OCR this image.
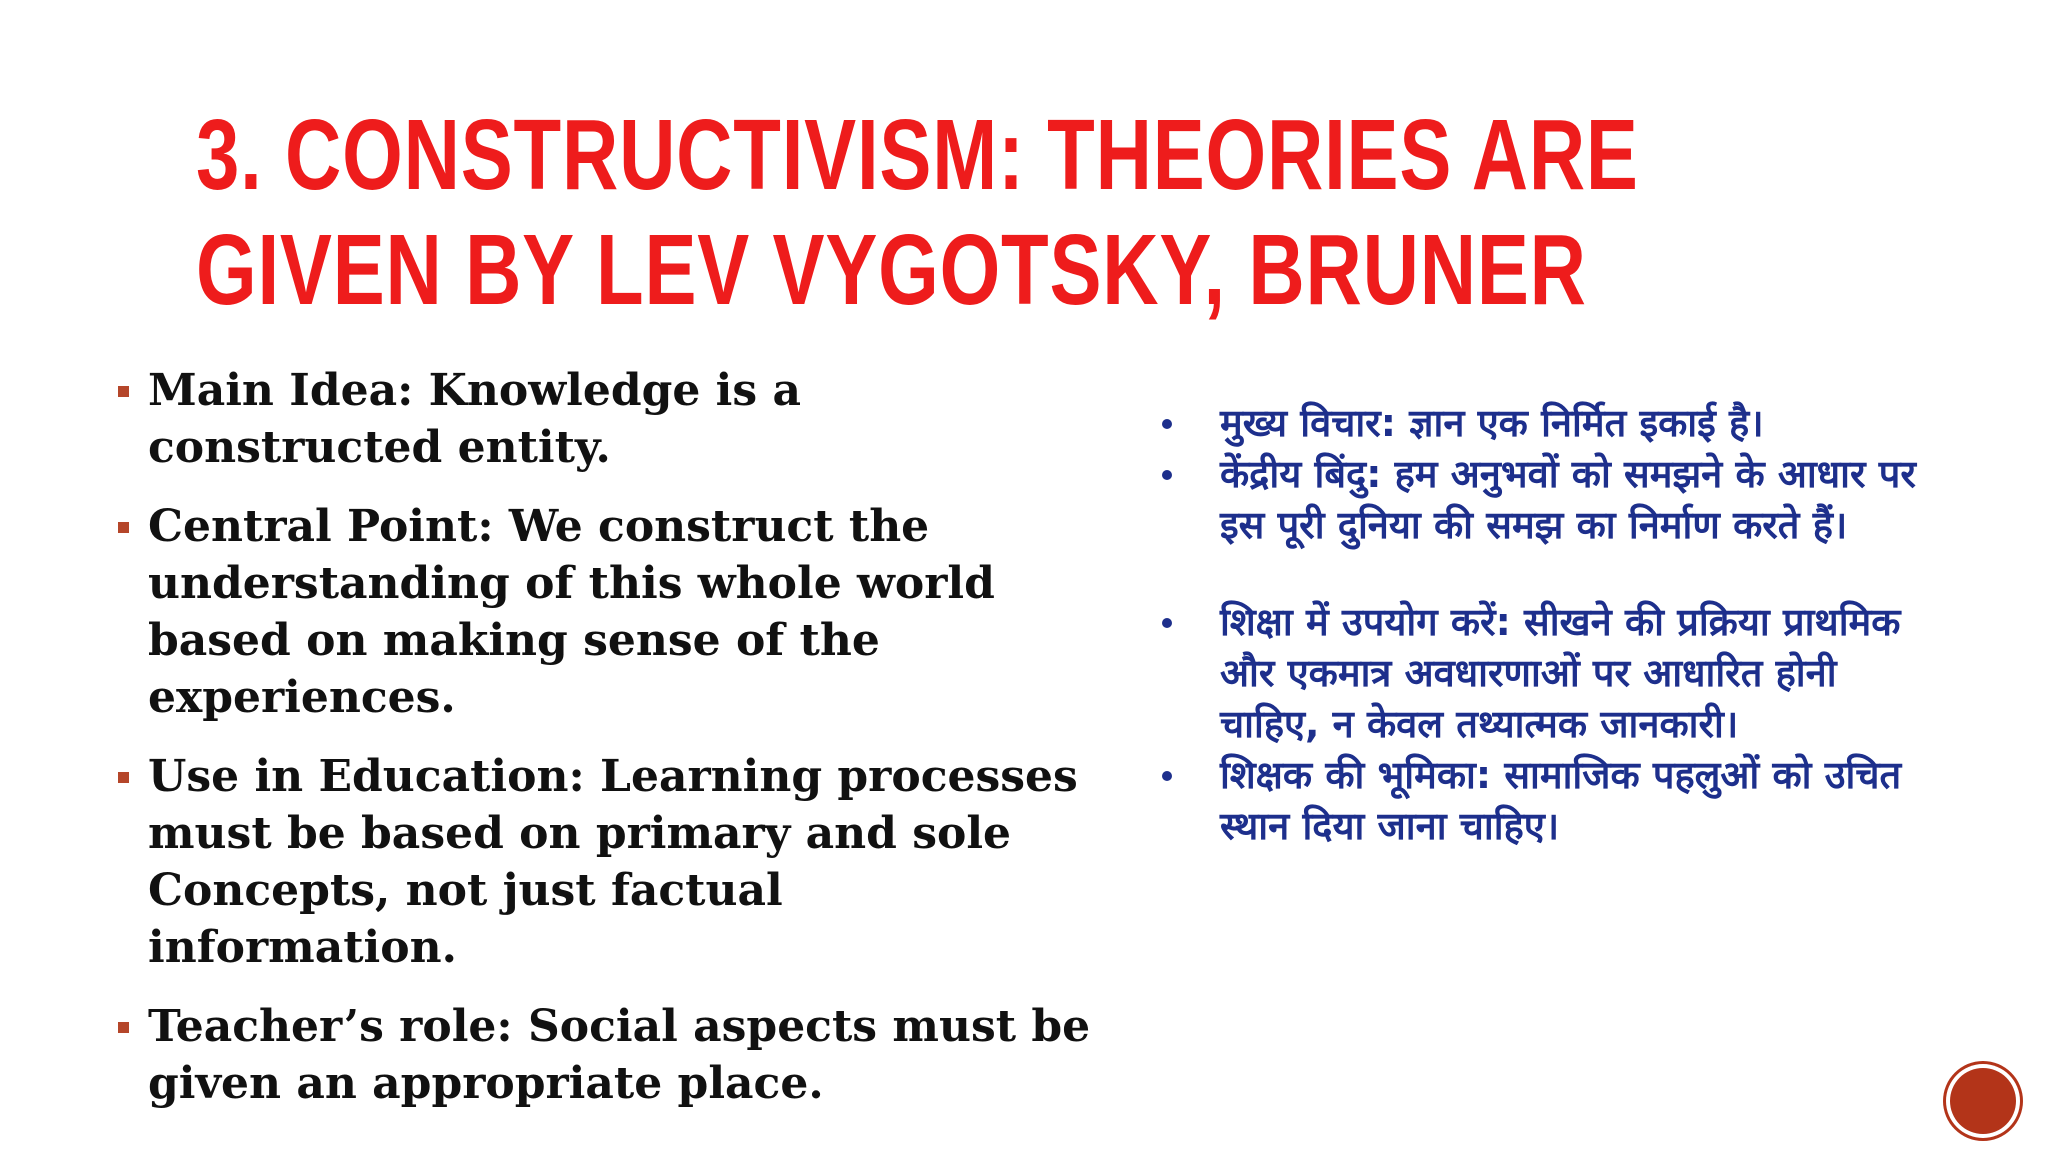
3. CONSTRUCTIVISM: THEORIES ARE
GIVEN BY LEV VYGOTSKY, BRUNER
Main Idea: Knowledge is a constructed entity.
Central Point: We construct the understanding of this whole world based on making sense of the experiences.
Use in Education: Learning processes must be based on primary and sole Concepts, not just factual information.
Teacher’s role: Social aspects must be given an appropriate place.
मुख्य विचार: ज्ञान एक निर्मित इकाई है।
केंद्रीय बिंदु: हम अनुभवों को समझने के आधार पर इस पूरी दुनिया की समझ का निर्माण करते हैं।
शिक्षा में उपयोग करें: सीखने की प्रक्रिया प्राथमिक और एकमात्र अवधारणाओं पर आधारित होनी चाहिए, न केवल तथ्यात्मक जानकारी।
शिक्षक की भूमिका: सामाजिक पहलुओं को उचित स्थान दिया जाना चाहिए।
